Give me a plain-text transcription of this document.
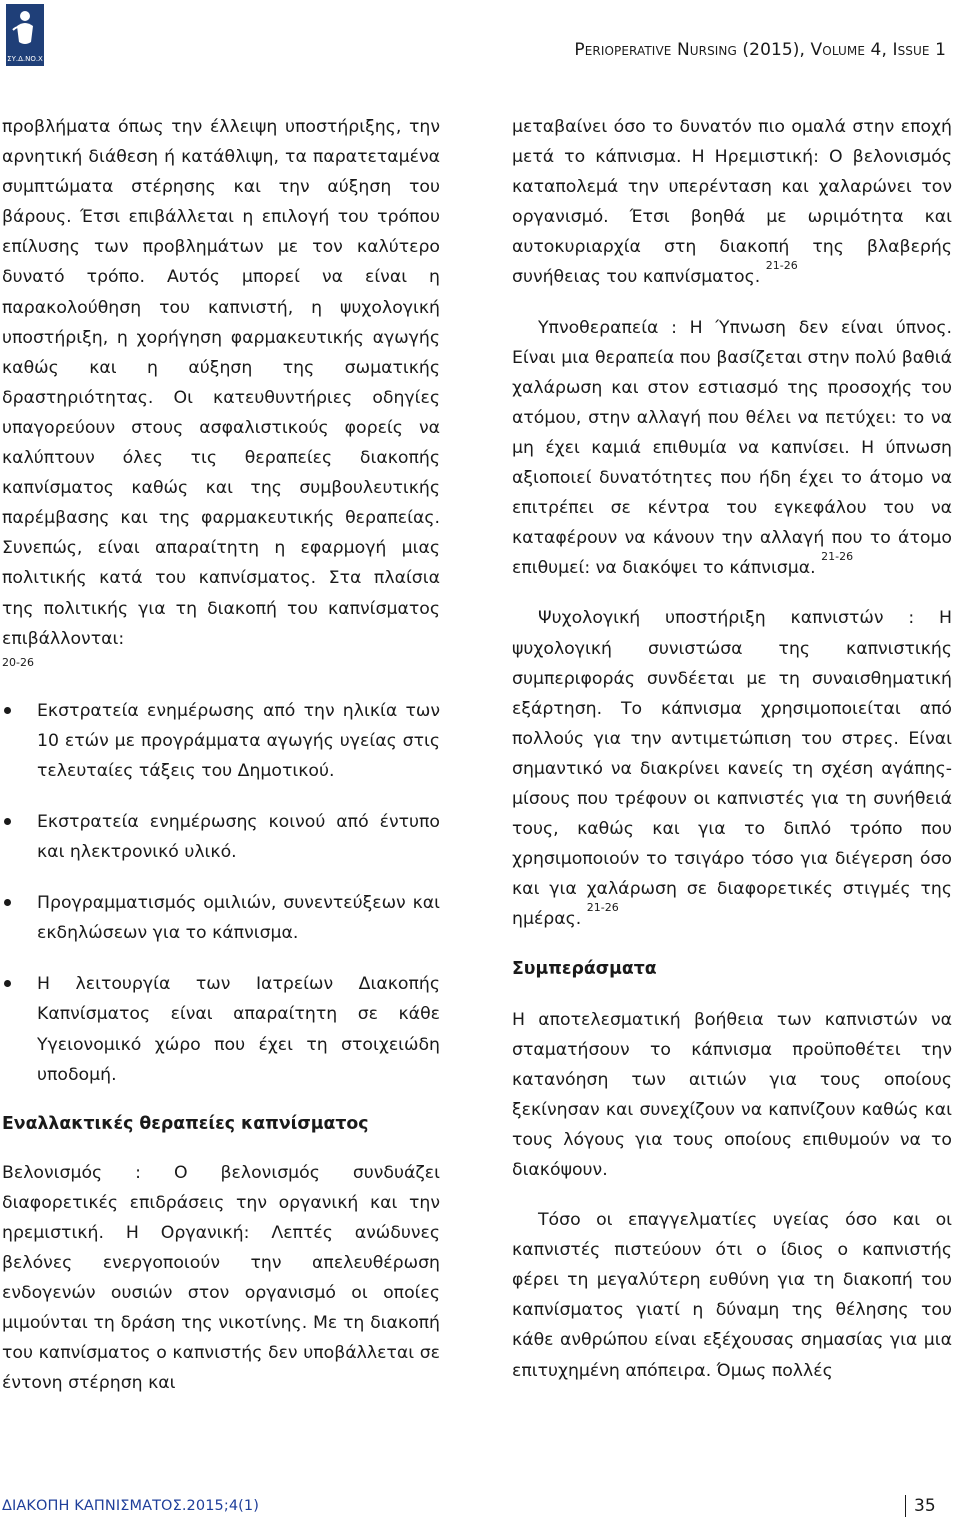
ΣΥ.Δ.ΝΟ.Χ	Perioperative Nursing (2015), Volume 4, Issue 1

προβλήματα όπως την έλλειψη υποστήριξης, την αρνητική διάθεση ή κατάθλιψη, τα παρατεταμένα συμπτώματα στέρησης και την αύξηση του βάρους. Έτσι επιβάλλεται η επιλογή του τρόπου επίλυσης των προβλημάτων με τον καλύτερο δυνατό τρόπο. Αυτός μπορεί να είναι η παρακολούθηση του καπνιστή, η ψυχολογική υποστήριξη, η χορήγηση φαρμακευτικής αγωγής καθώς και η αύξηση της σωματικής δραστηριότητας. Οι κατευθυντήριες οδηγίες υπαγορεύουν στους ασφαλιστικούς φορείς να καλύπτουν όλες τις θεραπείες διακοπής καπνίσματος καθώς και της συμβουλευτικής παρέμβασης και της φαρμακευτικής θεραπείας. Συνεπώς, είναι απαραίτητη η εφαρμογή μιας πολιτικής κατά του καπνίσματος. Στα πλαίσια της πολιτικής για τη διακοπή του καπνίσματος επιβάλλονται:

20-26
Εκστρατεία ενημέρωσης από την ηλικία των 10 ετών με προγράμματα αγωγής υγείας στις τελευταίες τάξεις του Δημοτικού.
Εκστρατεία ενημέρωσης κοινού από έντυπο και ηλεκτρονικό υλικό.
Προγραμματισμός ομιλιών, συνεντεύξεων και εκδηλώσεων για το κάπνισμα.
Η λειτουργία των Ιατρείων Διακοπής Καπνίσματος είναι απαραίτητη σε κάθε Υγειονομικό χώρο που έχει τη στοιχειώδη υποδομή.

Εναλλακτικές θεραπείες καπνίσματος

Βελονισμός : Ο βελονισμός συνδυάζει διαφορετικές επιδράσεις την οργανική και την ηρεμιστική. Η Οργανική: Λεπτές ανώδυνες βελόνες ενεργοποιούν την απελευθέρωση ενδογενών ουσιών στον οργανισμό οι οποίες μιμούνται τη δράση της νικοτίνης. Με τη διακοπή του καπνίσματος ο καπνιστής δεν υποβάλλεται σε έντονη στέρηση και

μεταβαίνει όσο το δυνατόν πιο ομαλά στην εποχή μετά το κάπνισμα. Η Ηρεμιστική: Ο βελονισμός καταπολεμά την υπερένταση και χαλαρώνει τον οργανισμό. Έτσι βοηθά με ωριμότητα και αυτοκυριαρχία στη διακοπή της βλαβερής συνήθειας του καπνίσματος. $^{21-26}$

Υπνοθεραπεία : Η Ύπνωση δεν είναι ύπνος. Είναι μια θεραπεία που βασίζεται στην πολύ βαθιά χαλάρωση και στον εστιασμό της προσοχής του ατόμου, στην αλλαγή που θέλει να πετύχει: το να μη έχει καμιά επιθυμία να καπνίσει. Η ύπνωση αξιοποιεί δυνατότητες που ήδη έχει το άτομο να επιτρέπει σε κέντρα του εγκεφάλου του να καταφέρουν να κάνουν την αλλαγή που το άτομο επιθυμεί: να διακόψει το κάπνισμα. $^{21-26}$

Ψυχολογική υποστήριξη καπνιστών : Η ψυχολογική συνιστώσα της καπνιστικής συμπεριφοράς συνδέεται με τη συναισθηματική εξάρτηση. Το κάπνισμα χρησιμοποιείται από πολλούς για την αντιμετώπιση του στρες. Είναι σημαντικό να διακρίνει κανείς τη σχέση αγάπης-μίσους που τρέφουν οι καπνιστές για τη συνήθειά τους, καθώς και για το διπλό τρόπο που χρησιμοποιούν το τσιγάρο τόσο για διέγερση όσο και για χαλάρωση σε διαφορετικές στιγμές της ημέρας. $^{21-26}$

Συμπεράσματα

Η αποτελεσματική βοήθεια των καπνιστών να σταματήσουν το κάπνισμα προϋποθέτει την κατανόηση των αιτιών για τους οποίους ξεκίνησαν και συνεχίζουν να καπνίζουν καθώς και τους λόγους για τους οποίους επιθυμούν να το διακόψουν.

Τόσο οι επαγγελματίες υγείας όσο και οι καπνιστές πιστεύουν ότι ο ίδιος ο καπνιστής φέρει τη μεγαλύτερη ευθύνη για τη διακοπή του καπνίσματος γιατί η δύναμη της θέλησης του κάθε ανθρώπου είναι εξέχουσας σημασίας για μια επιτυχημένη απόπειρα. Όμως πολλές

ΔΙΑΚΟΠΗ ΚΑΠΝΙΣΜΑΤΟΣ.2015;4(1)	35
